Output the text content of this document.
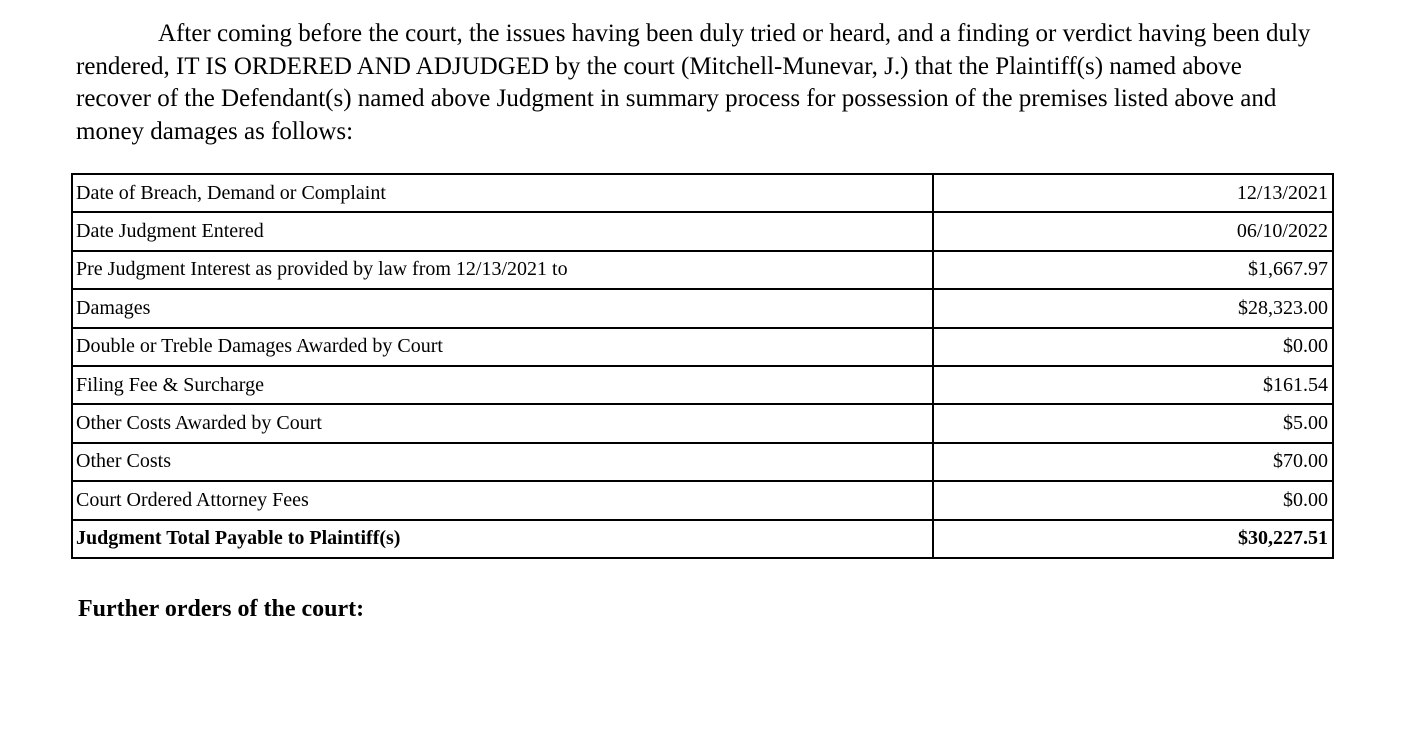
After coming before the court, the issues having been duly tried or heard, and a finding or verdict having been duly rendered, IT IS ORDERED AND ADJUDGED by the court (Mitchell-Munevar, J.) that the Plaintiff(s) named above recover of the Defendant(s) named above Judgment in summary process for possession of the premises listed above and money damages as follows:

Date of Breach, Demand or Complaint	12/13/2021
Date Judgment Entered	06/10/2022
Pre Judgment Interest as provided by law from 12/13/2021 to	$1,667.97
Damages	$28,323.00
Double or Treble Damages Awarded by Court	$0.00
Filing Fee & Surcharge	$161.54
Other Costs Awarded by Court	$5.00
Other Costs	$70.00
Court Ordered Attorney Fees	$0.00
Judgment Total Payable to Plaintiff(s)	$30,227.51

Further orders of the court:
